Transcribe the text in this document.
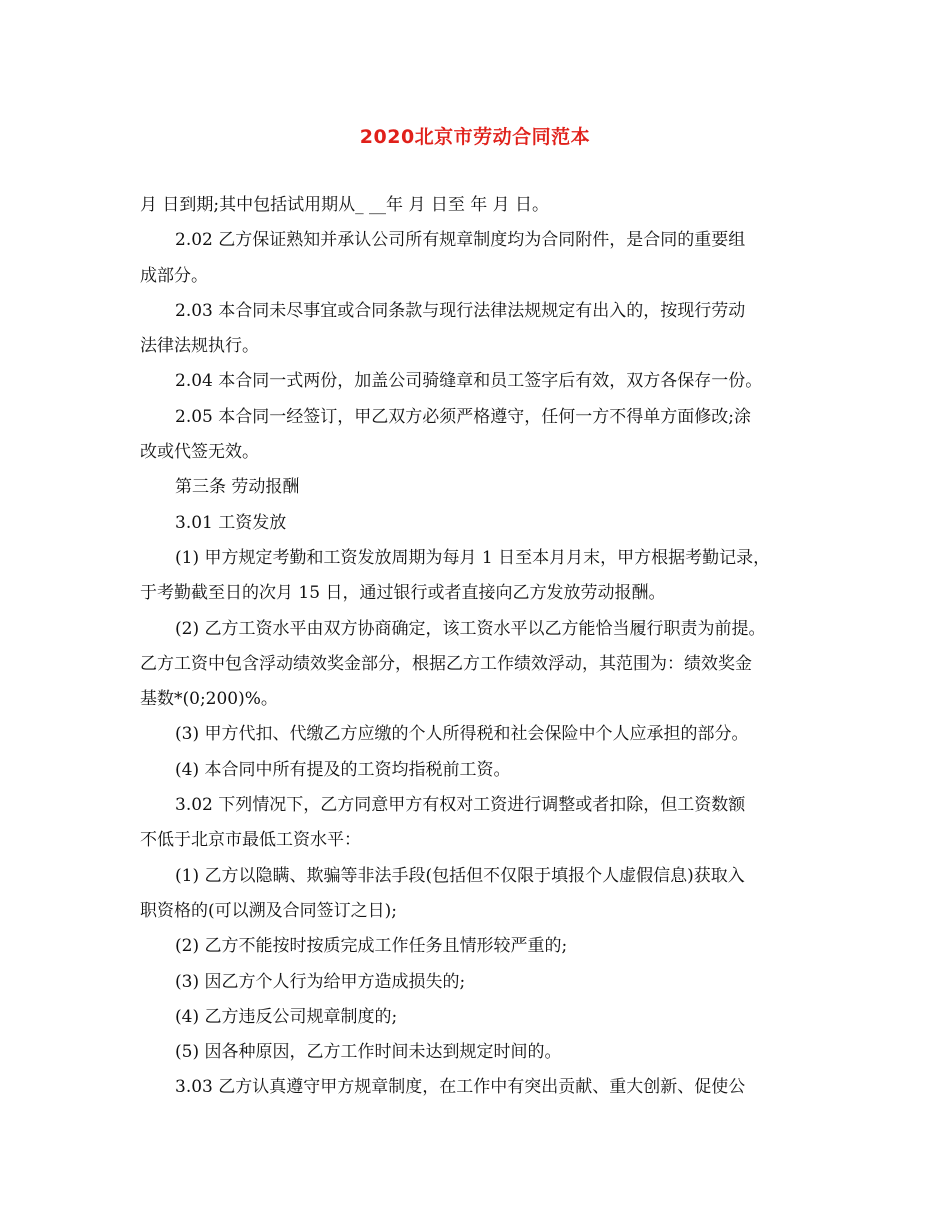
2020北京市劳动合同范本

月 日到期;其中包括试用期从_ __年 月 日至 年 月 日。

2.02 乙方保证熟知并承认公司所有规章制度均为合同附件，是合同的重要组

成部分。

2.03 本合同未尽事宜或合同条款与现行法律法规规定有出入的，按现行劳动

法律法规执行。

2.04 本合同一式两份，加盖公司骑缝章和员工签字后有效，双方各保存一份。

2.05 本合同一经签订，甲乙双方必须严格遵守，任何一方不得单方面修改;涂

改或代签无效。

第三条 劳动报酬

3.01 工资发放

(1) 甲方规定考勤和工资发放周期为每月 1 日至本月月末，甲方根据考勤记录，

于考勤截至日的次月 15 日，通过银行或者直接向乙方发放劳动报酬。

(2) 乙方工资水平由双方协商确定，该工资水平以乙方能恰当履行职责为前提。

乙方工资中包含浮动绩效奖金部分，根据乙方工作绩效浮动，其范围为：绩效奖金

基数*(0;200)%。

(3) 甲方代扣、代缴乙方应缴的个人所得税和社会保险中个人应承担的部分。

(4) 本合同中所有提及的工资均指税前工资。

3.02 下列情况下，乙方同意甲方有权对工资进行调整或者扣除，但工资数额

不低于北京市最低工资水平：

(1) 乙方以隐瞒、欺骗等非法手段(包括但不仅限于填报个人虚假信息)获取入

职资格的(可以溯及合同签订之日);

(2) 乙方不能按时按质完成工作任务且情形较严重的;

(3) 因乙方个人行为给甲方造成损失的;

(4) 乙方违反公司规章制度的;

(5) 因各种原因，乙方工作时间未达到规定时间的。

3.03 乙方认真遵守甲方规章制度，在工作中有突出贡献、重大创新、促使公
